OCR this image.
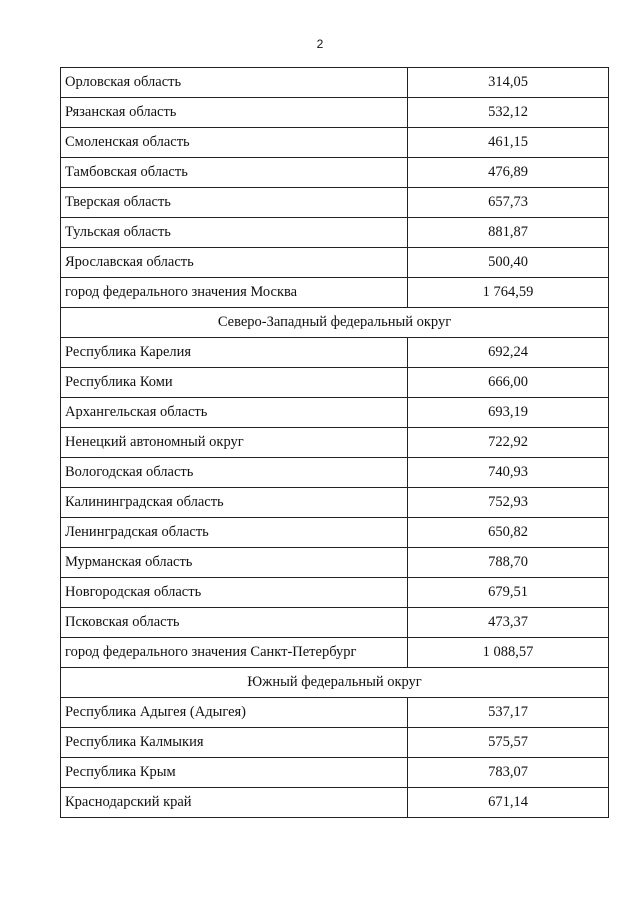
2
Орловская область	314,05
Рязанская область	532,12
Смоленская область	461,15
Тамбовская область	476,89
Тверская область	657,73
Тульская область	881,87
Ярославская область	500,40
город федерального значения Москва	1 764,59
Северо-Западный федеральный округ	
Республика Карелия	692,24
Республика Коми	666,00
Архангельская область	693,19
Ненецкий автономный округ	722,92
Вологодская область	740,93
Калининградская область	752,93
Ленинградская область	650,82
Мурманская область	788,70
Новгородская область	679,51
Псковская область	473,37
город федерального значения Санкт-Петербург	1 088,57
Южный федеральный округ	
Республика Адыгея (Адыгея)	537,17
Республика Калмыкия	575,57
Республика Крым	783,07
Краснодарский край	671,14
